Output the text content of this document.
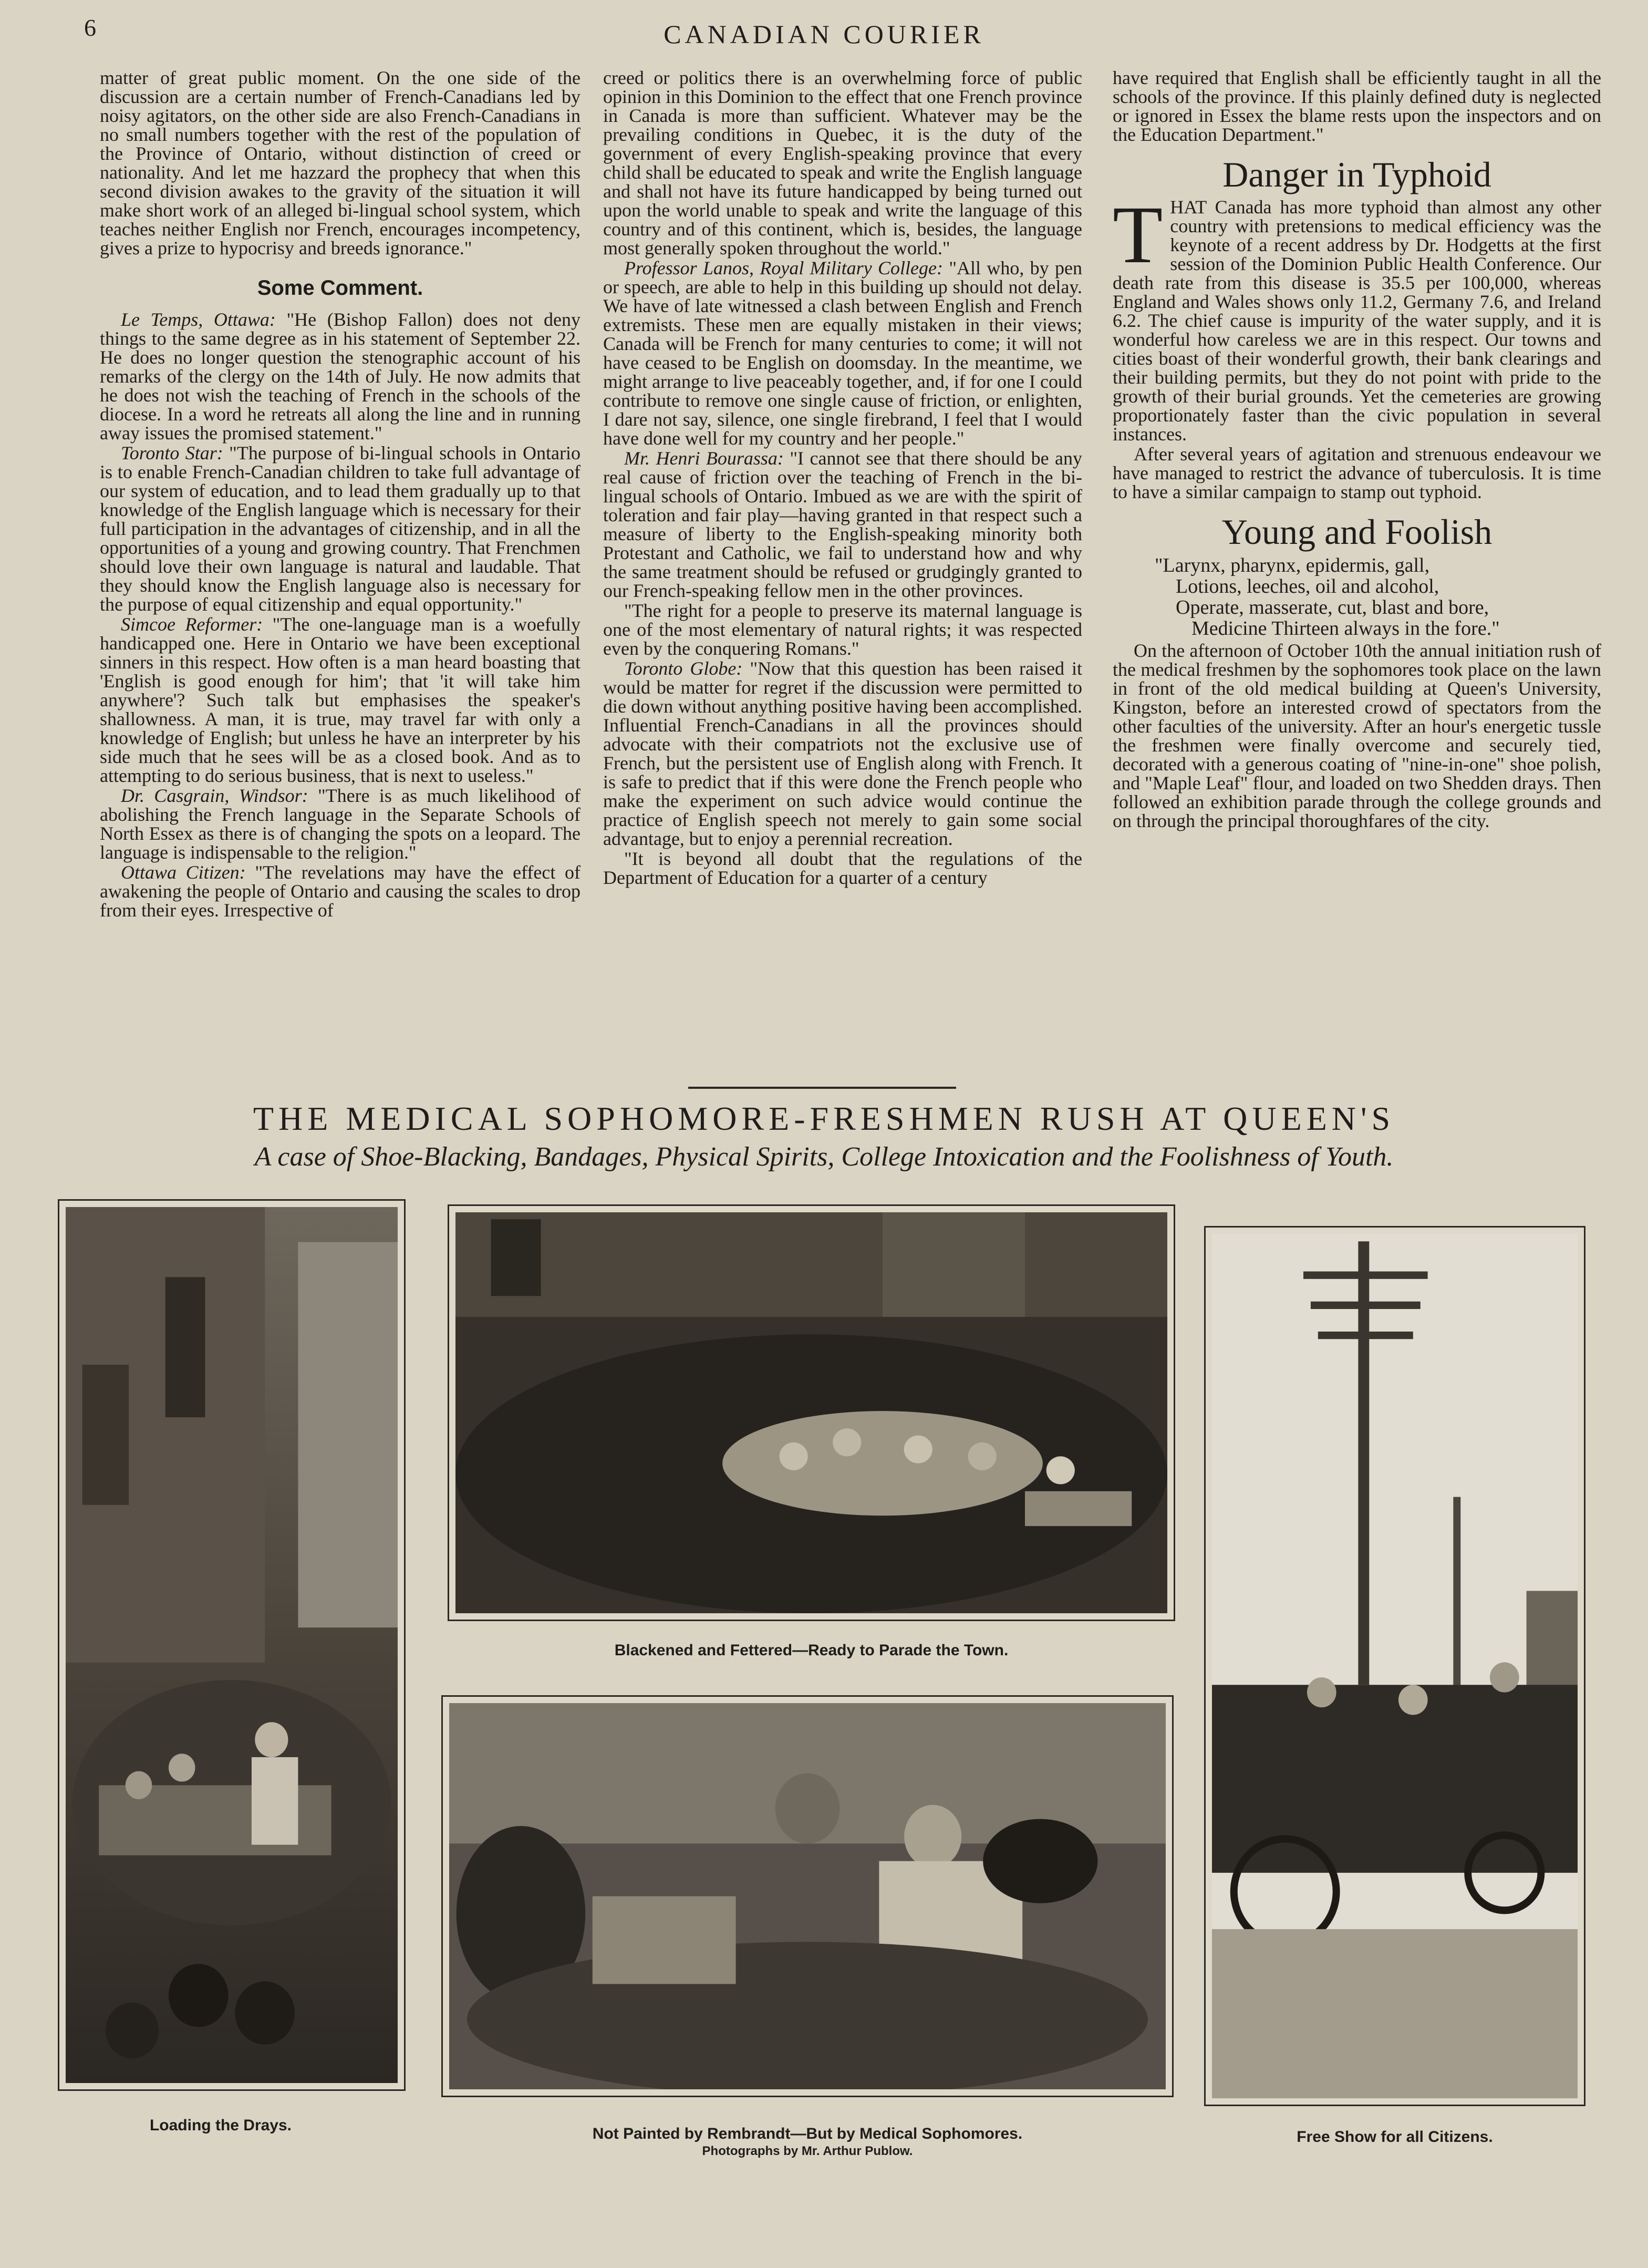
6	CANADIAN COURIER

matter of great public moment. On the one side of the discussion are a certain number of French-Canadians led by noisy agitators, on the other side are also French-Canadians in no small numbers together with the rest of the population of the Province of Ontario, without distinction of creed or nationality. And let me hazzard the prophecy that when this second division awakes to the gravity of the situation it will make short work of an alleged bi-lingual school system, which teaches neither English nor French, encourages incompetency, gives a prize to hypocrisy and breeds ignorance."

Some Comment.

Le Temps, Ottawa: "He (Bishop Fallon) does not deny things to the same degree as in his statement of September 22. He does no longer question the stenographic account of his remarks of the clergy on the 14th of July. He now admits that he does not wish the teaching of French in the schools of the diocese. In a word he retreats all along the line and in running away issues the promised statement."

Toronto Star: "The purpose of bi-lingual schools in Ontario is to enable French-Canadian children to take full advantage of our system of education, and to lead them gradually up to that knowledge of the English language which is necessary for their full participation in the advantages of citizenship, and in all the opportunities of a young and growing country. That Frenchmen should love their own language is natural and laudable. That they should know the English language also is necessary for the purpose of equal citizenship and equal opportunity."

Simcoe Reformer: "The one-language man is a woefully handicapped one. Here in Ontario we have been exceptional sinners in this respect. How often is a man heard boasting that 'English is good enough for him'; that 'it will take him anywhere'? Such talk but emphasises the speaker's shallowness. A man, it is true, may travel far with only a knowledge of English; but unless he have an interpreter by his side much that he sees will be as a closed book. And as to attempting to do serious business, that is next to useless."

Dr. Casgrain, Windsor: "There is as much likelihood of abolishing the French language in the Separate Schools of North Essex as there is of changing the spots on a leopard. The language is indispensable to the religion."

Ottawa Citizen: "The revelations may have the effect of awakening the people of Ontario and causing the scales to drop from their eyes. Irrespective of

creed or politics there is an overwhelming force of public opinion in this Dominion to the effect that one French province in Canada is more than sufficient. Whatever may be the prevailing conditions in Quebec, it is the duty of the government of every English-speaking province that every child shall be educated to speak and write the English language and shall not have its future handicapped by being turned out upon the world unable to speak and write the language of this country and of this continent, which is, besides, the language most generally spoken throughout the world."

Professor Lanos, Royal Military College: "All who, by pen or speech, are able to help in this building up should not delay. We have of late witnessed a clash between English and French extremists. These men are equally mistaken in their views; Canada will be French for many centuries to come; it will not have ceased to be English on doomsday. In the meantime, we might arrange to live peaceably together, and, if for one I could contribute to remove one single cause of friction, or enlighten, I dare not say, silence, one single firebrand, I feel that I would have done well for my country and her people."

Mr. Henri Bourassa: "I cannot see that there should be any real cause of friction over the teaching of French in the bi-lingual schools of Ontario. Imbued as we are with the spirit of toleration and fair play—having granted in that respect such a measure of liberty to the English-speaking minority both Protestant and Catholic, we fail to understand how and why the same treatment should be refused or grudgingly granted to our French-speaking fellow men in the other provinces.

"The right for a people to preserve its maternal language is one of the most elementary of natural rights; it was respected even by the conquering Romans."

Toronto Globe: "Now that this question has been raised it would be matter for regret if the discussion were permitted to die down without anything positive having been accomplished. Influential French-Canadians in all the provinces should advocate with their compatriots not the exclusive use of French, but the persistent use of English along with French. It is safe to predict that if this were done the French people who make the experiment on such advice would continue the practice of English speech not merely to gain some social advantage, but to enjoy a perennial recreation.

"It is beyond all doubt that the regulations of the Department of Education for a quarter of a century

have required that English shall be efficiently taught in all the schools of the province. If this plainly defined duty is neglected or ignored in Essex the blame rests upon the inspectors and on the Education Department."

Danger in Typhoid

THAT Canada has more typhoid than almost any other country with pretensions to medical efficiency was the keynote of a recent address by Dr. Hodgetts at the first session of the Dominion Public Health Conference. Our death rate from this disease is 35.5 per 100,000, whereas England and Wales shows only 11.2, Germany 7.6, and Ireland 6.2. The chief cause is impurity of the water supply, and it is wonderful how careless we are in this respect. Our towns and cities boast of their wonderful growth, their bank clearings and their building permits, but they do not point with pride to the growth of their burial grounds. Yet the cemeteries are growing proportionately faster than the civic population in several instances.

After several years of agitation and strenuous endeavour we have managed to restrict the advance of tuberculosis. It is time to have a similar campaign to stamp out typhoid.

Young and Foolish
"Larynx, pharynx, epidermis, gall,
Lotions, leeches, oil and alcohol,
Operate, masserate, cut, blast and bore,
Medicine Thirteen always in the fore."

On the afternoon of October 10th the annual initiation rush of the medical freshmen by the sophomores took place on the lawn in front of the old medical building at Queen's University, Kingston, before an interested crowd of spectators from the other faculties of the university. After an hour's energetic tussle the freshmen were finally overcome and securely tied, decorated with a generous coating of "nine-in-one" shoe polish, and "Maple Leaf" flour, and loaded on two Shedden drays. Then followed an exhibition parade through the college grounds and on through the principal thoroughfares of the city.

THE MEDICAL SOPHOMORE-FRESHMEN RUSH AT QUEEN'S
A case of Shoe-Blacking, Bandages, Physical Spirits, College Intoxication and the Foolishness of Youth.
Loading the Drays.
Blackened and Fettered—Ready to Parade the Town.
Not Painted by Rembrandt—But by Medical Sophomores.
Photographs by Mr. Arthur Publow.
Free Show for all Citizens.
